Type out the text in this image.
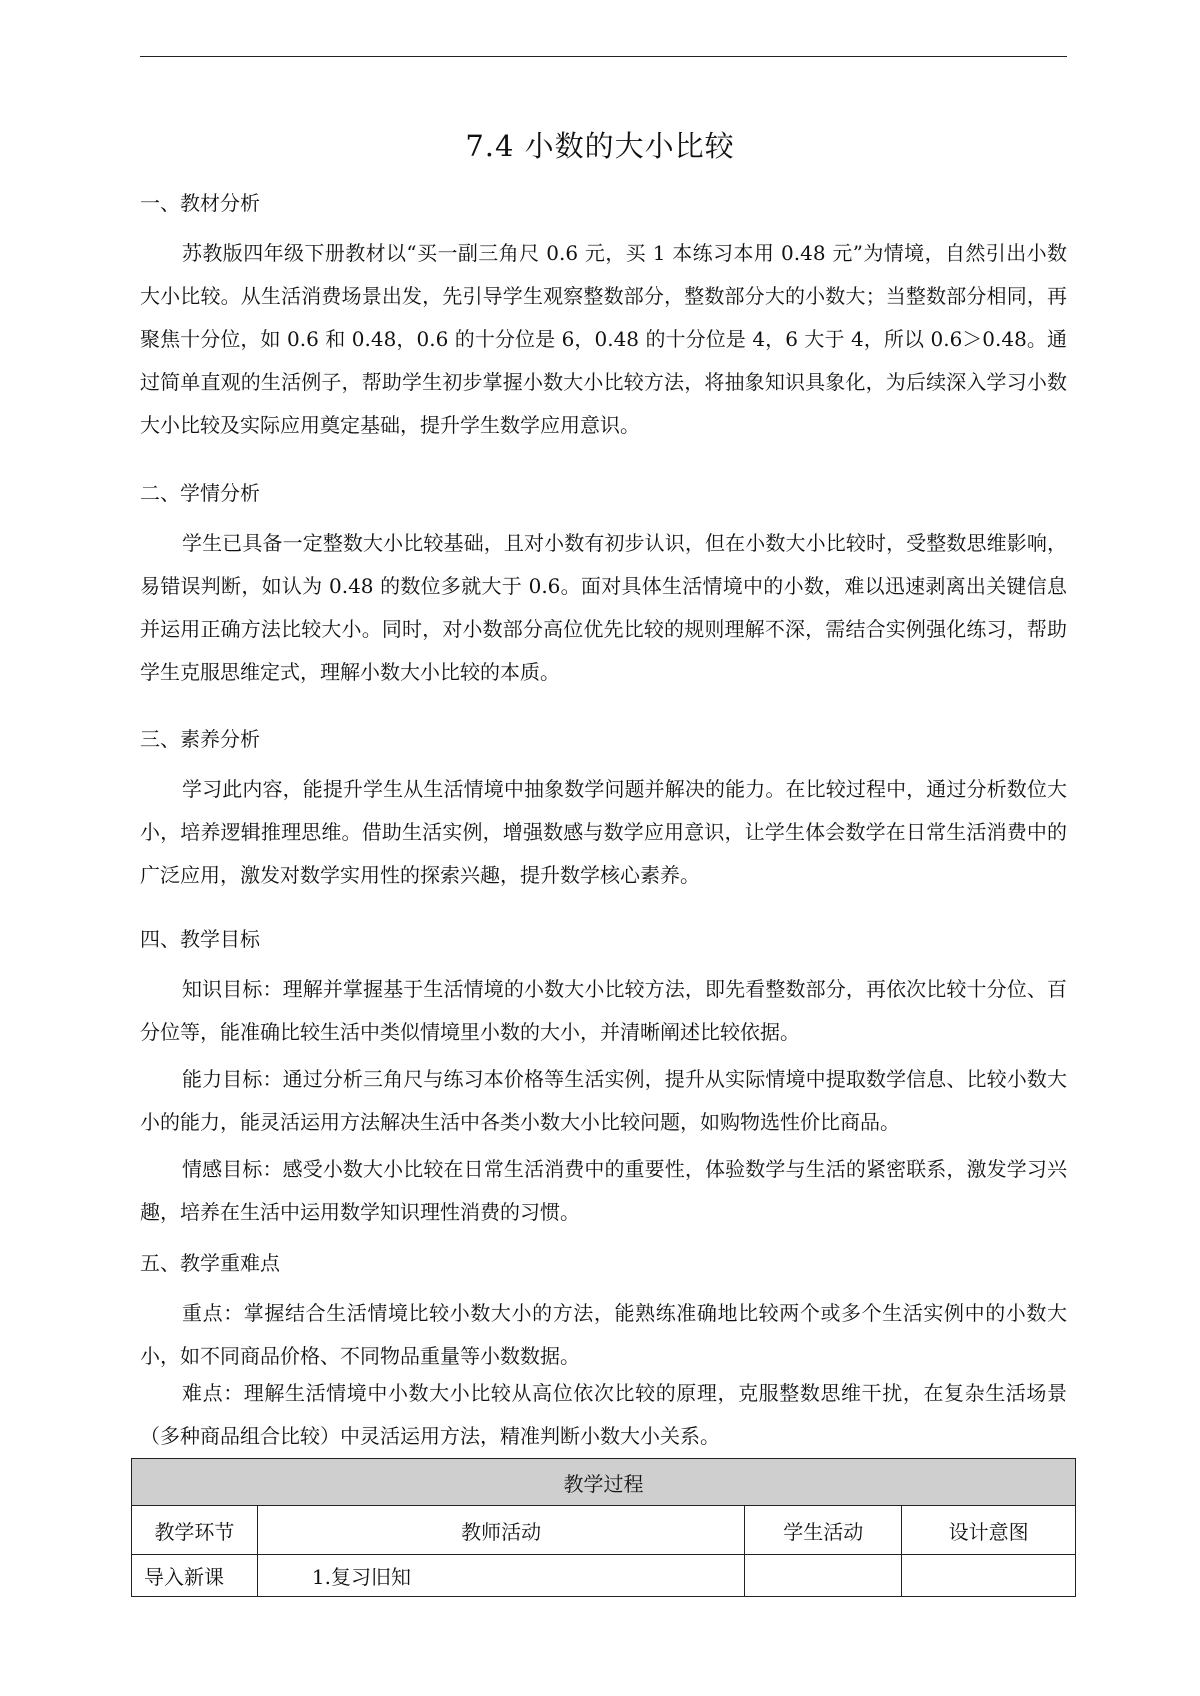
7.4 小数的大小比较
一、教材分析

苏教版四年级下册教材以“买一副三角尺 0.6 元，买 1 本练习本用 0.48 元”为情境，自然引出小数大小比较。从生活消费场景出发，先引导学生观察整数部分，整数部分大的小数大；当整数部分相同，再聚焦十分位，如 0.6 和 0.48，0.6 的十分位是 6，0.48 的十分位是 4，6 大于 4，所以 0.6＞0.48。通过简单直观的生活例子，帮助学生初步掌握小数大小比较方法，将抽象知识具象化，为后续深入学习小数大小比较及实际应用奠定基础，提升学生数学应用意识。

二、学情分析

学生已具备一定整数大小比较基础，且对小数有初步认识，但在小数大小比较时，受整数思维影响，易错误判断，如认为 0.48 的数位多就大于 0.6。面对具体生活情境中的小数，难以迅速剥离出关键信息并运用正确方法比较大小。同时，对小数部分高位优先比较的规则理解不深，需结合实例强化练习，帮助学生克服思维定式，理解小数大小比较的本质。

三、素养分析

学习此内容，能提升学生从生活情境中抽象数学问题并解决的能力。在比较过程中，通过分析数位大小，培养逻辑推理思维。借助生活实例，增强数感与数学应用意识，让学生体会数学在日常生活消费中的广泛应用，激发对数学实用性的探索兴趣，提升数学核心素养。

四、教学目标

知识目标：理解并掌握基于生活情境的小数大小比较方法，即先看整数部分，再依次比较十分位、百分位等，能准确比较生活中类似情境里小数的大小，并清晰阐述比较依据。

能力目标：通过分析三角尺与练习本价格等生活实例，提升从实际情境中提取数学信息、比较小数大小的能力，能灵活运用方法解决生活中各类小数大小比较问题，如购物选性价比商品。

情感目标：感受小数大小比较在日常生活消费中的重要性，体验数学与生活的紧密联系，激发学习兴趣，培养在生活中运用数学知识理性消费的习惯。

五、教学重难点

重点：掌握结合生活情境比较小数大小的方法，能熟练准确地比较两个或多个生活实例中的小数大小，如不同商品价格、不同物品重量等小数数据。

难点：理解生活情境中小数大小比较从高位依次比较的原理，克服整数思维干扰，在复杂生活场景（多种商品组合比较）中灵活运用方法，精准判断小数大小关系。

教学过程			
教学环节	教师活动	学生活动	设计意图
导入新课	1.复习旧知		
